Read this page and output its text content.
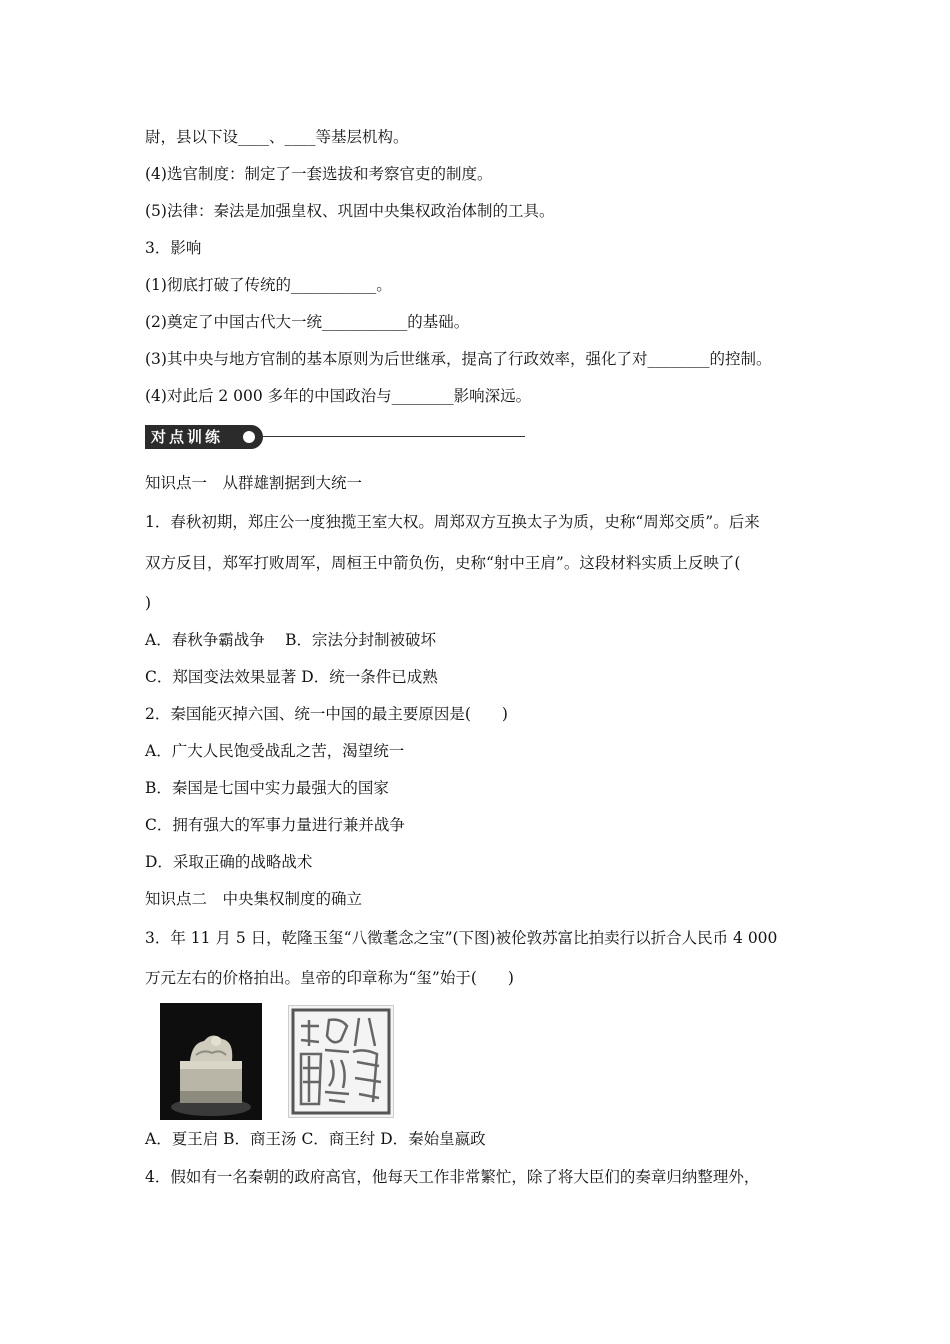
尉，县以下设____、____等基层机构。
(4)选官制度：制定了一套选拔和考察官吏的制度。
(5)法律：秦法是加强皇权、巩固中央集权政治体制的工具。
3．影响
(1)彻底打破了传统的___________。
(2)奠定了中国古代大一统___________的基础。
(3)其中央与地方官制的基本原则为后世继承，提高了行政效率，强化了对________的控制。
(4)对此后 2 000 多年的中国政治与________影响深远。
对点训练
知识点一　从群雄割据到大统一
1．春秋初期，郑庄公一度独揽王室大权。周郑双方互换太子为质，史称“周郑交质”。后来
双方反目，郑军打败周军，周桓王中箭负伤，史称“射中王肩”。这段材料实质上反映了(
)
A．春秋争霸战争　 B．宗法分封制被破坏
C．郑国变法效果显著 D．统一条件已成熟
2．秦国能灭掉六国、统一中国的最主要原因是(　　)
A．广大人民饱受战乱之苦，渴望统一
B．秦国是七国中实力最强大的国家
C．拥有强大的军事力量进行兼并战争
D．采取正确的战略战术
知识点二　中央集权制度的确立
3．年 11 月 5 日，乾隆玉玺“八徵耄念之宝”(下图)被伦敦苏富比拍卖行以折合人民币 4 000
万元左右的价格拍出。皇帝的印章称为“玺”始于(　　)
A．夏王启 B．商王汤 C．商王纣 D．秦始皇嬴政
4．假如有一名秦朝的政府高官，他每天工作非常繁忙，除了将大臣们的奏章归纳整理外，
